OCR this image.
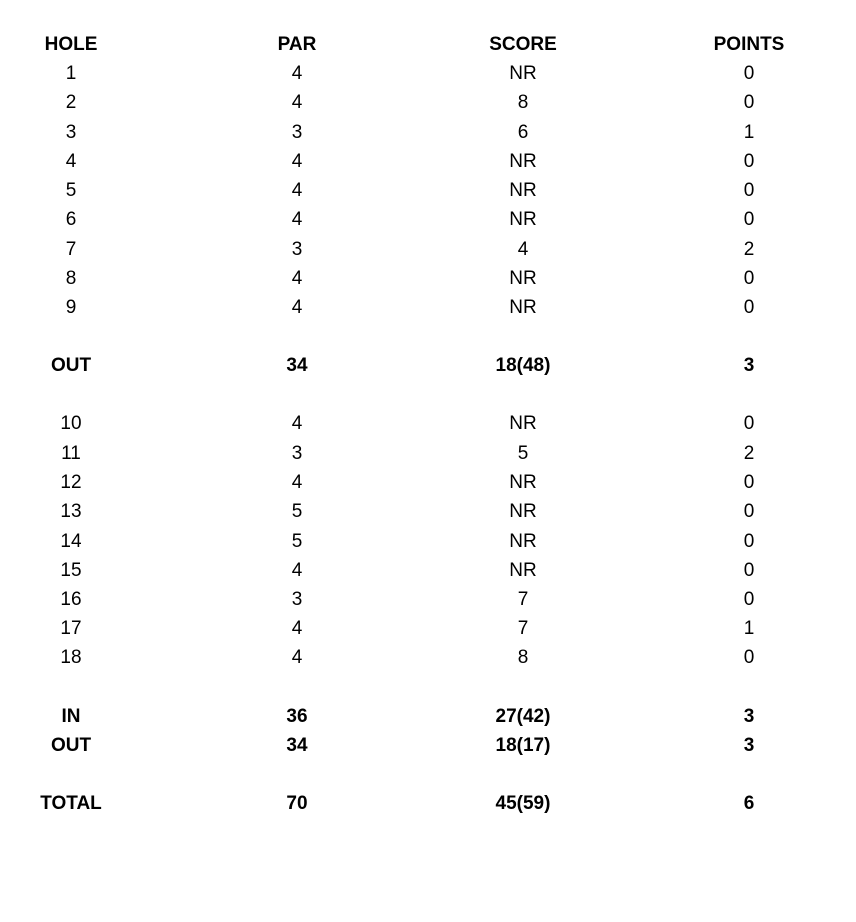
HOLE	PAR	SCORE	POINTS
1	4	NR	0
2	4	8	0
3	3	6	1
4	4	NR	0
5	4	NR	0
6	4	NR	0
7	3	4	2
8	4	NR	0
9	4	NR	0
OUT	34	18(48)	3
10	4	NR	0
11	3	5	2
12	4	NR	0
13	5	NR	0
14	5	NR	0
15	4	NR	0
16	3	7	0
17	4	7	1
18	4	8	0
IN	36	27(42)	3
OUT	34	18(17)	3
TOTAL	70	45(59)	6
